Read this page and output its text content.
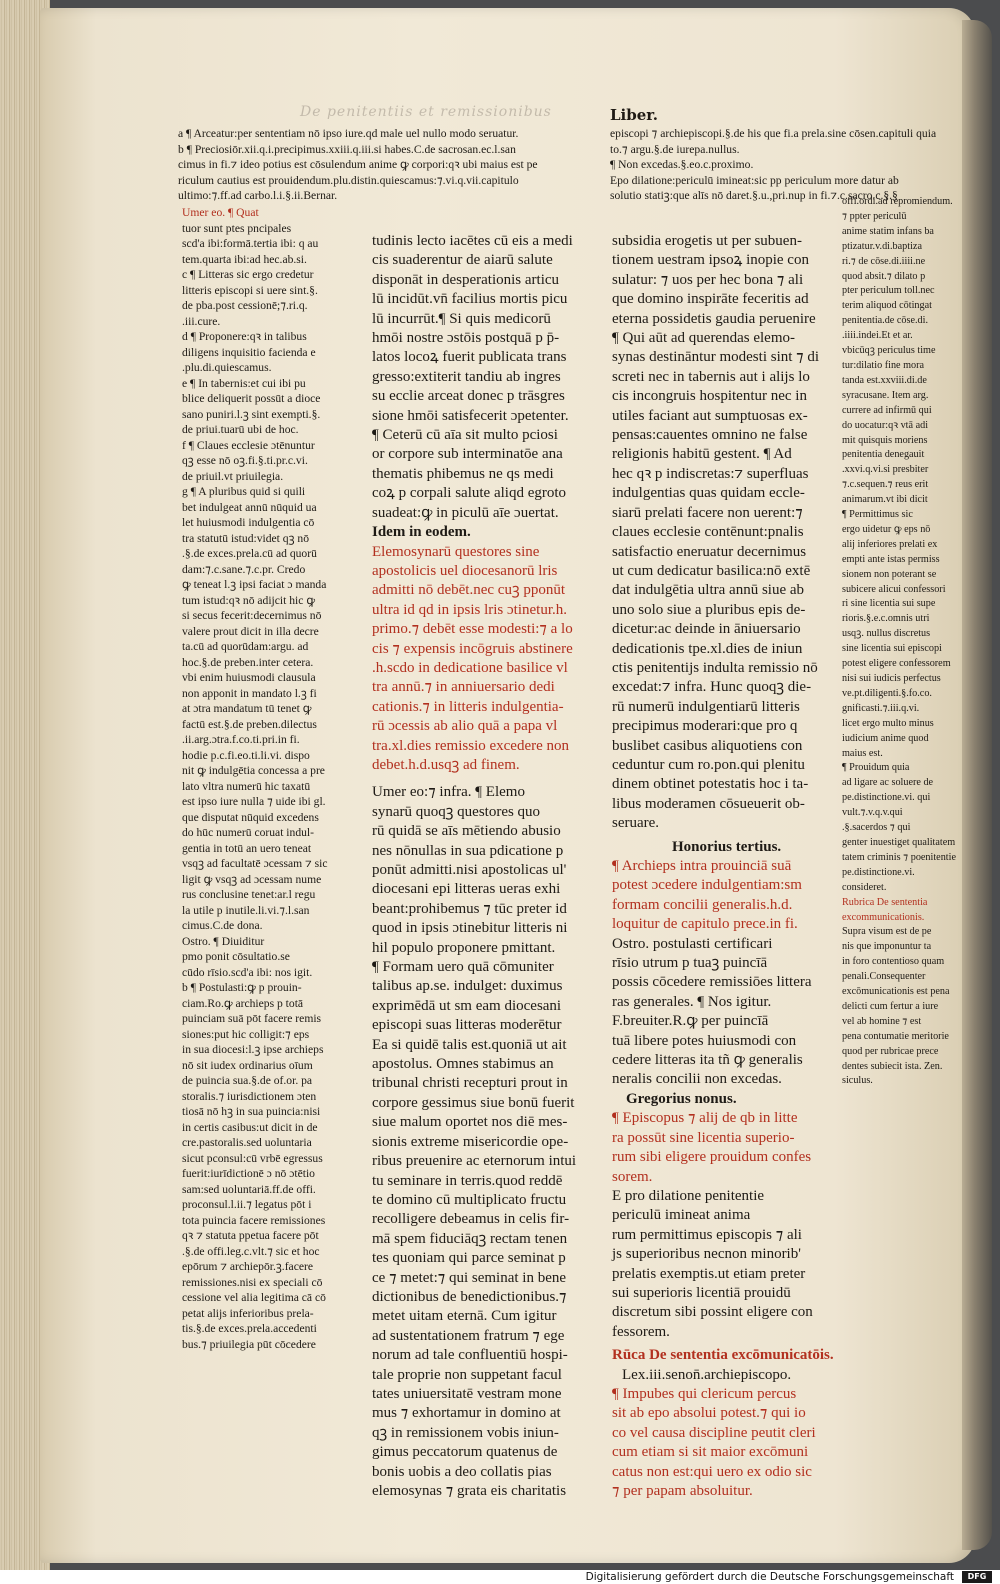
De penitentiis et remissionibus	Liber.

a ¶ Arceatur:per sententiam nō ipso iure.qd male uel nullo modo seruatur.

b ¶ Preciosiōr.xii.q.i.precipimus.xxiii.q.iii.si habes.C.de sacrosan.ec.l.san

cimus in fi.⁊ ideo potius est cōsulendum anime ꝙ corpori:qꝛ ubi maius est pe

riculum cautius est prouidendum.plu.distin.quiescamus:⁊.vi.q.vii.capitulo

ultimo:⁊.ff.ad carbo.l.i.§.ii.Bernar.

episcopi ⁊ archiepiscopi.§.de his que fi.a prela.sine cōsen.capituli quia

to.⁊ argu.§.de iurepa.nullus.

¶ Non excedas.§.eo.c.proximo.

Epo dilatione:periculū imineat:sic pp periculum more datur ab

solutio statiꝫ:que alīs nō daret.§.u.,pri.nup in fi.⁊.c.sacro.c.§.§

Umer eo. ¶ Quat

tuor sunt ptes pncipales

scd'a ibi:formā.tertia ibi: q au

tem.quarta ibi:ad hec.ab.si.

c ¶ Litteras sic ergo credetur

litteris episcopi si uere sint.§.

de pba.post cessionē;⁊.ri.q.

.iii.cure.

d ¶ Proponere:qꝛ in talibus

diligens inquisitio facienda e

.plu.di.quiescamus.

e ¶ In tabernis:et cui ibi pu

blice deliquerit possūt a dioce

sano puniri.l.ꝫ sint exempti.§.

de priui.tuarū ubi de hoc.

f ¶ Claues ecclesie ɔtēnuntur

qꝫ esse nō oꝫ.fi.§.ti.pr.c.vi.

de priuil.vt priuilegia.

g ¶ A pluribus quid si quili

bet indulgeat annū nūquid ua

let huiusmodi indulgentia cō

tra statutū istud:videt qꝫ nō

.§.de exces.prela.cū ad quorū

dam:⁊.c.sane.⁊.c.pr. Credo

ꝙ teneat l.ꝫ ipsi faciat ɔ manda

tum istud:qꝛ nō adijcit hic ꝙ

si secus fecerit:decernimus nō

valere prout dicit in illa decre

ta.cū ad quorūdam:argu. ad

hoc.§.de preben.inter cetera.

vbi enim huiusmodi clausula

non apponit in mandato l.ꝫ fi

at ɔtra mandatum tū tenet ꝙ

factū est.§.de preben.dilectus

.ii.arg.ɔtra.f.co.ti.pri.in fi.

hodie p.c.fi.eo.ti.li.vi. dispo

nit ꝙ indulgētia concessa a pre

lato vltra numerū hic taxatū

est ipso iure nulla ⁊ uide ibi gl.

que disputat nūquid excedens

do hūc numerū coruat indul-

gentia in totū an uero teneat

vsqꝫ ad facultatē ɔcessam ⁊ sic

ligit ꝙ vsqꝫ ad ɔcessam nume

rus conclusine tenet:ar.l regu

la utile p inutile.li.vi.⁊.l.san

cimus.C.de dona.

Ostro. ¶ Diuiditur

pmo ponit cōsultatio.se

cūdo rīsio.scd'a ibi: nos igit.

b ¶ Postulasti:ꝙ p prouin-

ciam.Ro.ꝙ archieps p totā

puinciam suā pōt facere remis

siones:put hic colligit:⁊ eps

in sua diocesi:l.ꝫ ipse archieps

nō sit iudex ordinarius oīum

de puincia sua.§.de of.or. pa

storalis.⁊ iurisdictionem ɔten

tiosā nō hꝫ in sua puincia:nisi

in certis casibus:ut dicit in de

cre.pastoralis.sed uoluntaria

sicut pconsul:cū vrbē egressus

fuerit:iurīdictionē ɔ nō ɔtētio

sam:sed uoluntariā.ff.de offi.

proconsul.l.ii.⁊ legatus pōt i

tota puincia facere remissiones

qꝛ ⁊ statuta ppetua facere pōt

.§.de offi.leg.c.vlt.⁊ sic et hoc

epōrum ⁊ archiepōr.ꝫ.facere

remissiones.nisi ex speciali cō

cessione vel alia legitima cā cō

petat alijs inferioribus prela-

tis.§.de exces.prela.accedenti

bus.⁊ priuilegia pūt cōcedere

tudinis lecto iacētes cū eis a medi

cis suaderentur de aiarū salute

disponāt in desperationis articu

lū incidūt.vn̄ facilius mortis picu

lū incurrūt.¶ Si quis medicorū

hmōi nostre ɔstōis postquā p p̄-

latos locoꝝ fuerit publicata trans

gresso:extiterit tandiu ab ingres

su ecclie arceat donec p trāsgres

sione hmōi satisfecerit ɔpetenter.

¶ Ceterū cū aīa sit multo pciosi

or corpore sub interminatōe ana

thematis phibemus ne qs medi

coꝝ p corpali salute aliqd egroto

suadeat:ꝙ in piculū aīe ɔuertat.

Idem in eodem.

Elemosynarū questores sine

apostolicis uel diocesanorū lris

admitti nō debēt.nec cuꝫ pponūt

ultra id qd in ipsis lris ɔtinetur.h.

primo.⁊ debēt esse modesti:⁊ a lo

cis ⁊ expensis incōgruis abstinere

.h.scdo in dedicatione basilice vl

tra annū.⁊ in anniuersario dedi

cationis.⁊ in litteris indulgentia-

rū ɔcessis ab alio quā a papa vl

tra.xl.dies remissio excedere non

debet.h.d.usqꝫ ad finem.

Umer eo:⁊ infra. ¶ Elemo

synarū quoqꝫ questores quo

rū quidā se aīs mētiendo abusio

nes nōnullas in sua pdicatione p

ponūt admitti.nisi apostolicas ul'

diocesani epi litteras ueras exhi

beant:prohibemus ⁊ tūc preter id

quod in ipsis ɔtinebitur litteris ni

hil populo proponere pmittant.

¶ Formam uero quā cōmuniter

talibus ap.se. indulget: duximus

exprimēdā ut sm eam diocesani

episcopi suas litteras moderētur

Ea si quidē talis est.quoniā ut ait

apostolus. Omnes stabimus an

tribunal christi recepturi prout in

corpore gessimus siue bonū fuerit

siue malum oportet nos diē mes-

sionis extreme misericordie ope-

ribus preuenire ac eternorum intui

tu seminare in terris.quod reddē

te domino cū multiplicato fructu

recolligere debeamus in celis fir-

mā spem fiduciāqꝫ rectam tenen

tes quoniam qui parce seminat p

ce ⁊ metet:⁊ qui seminat in bene

dictionibus de benedictionibus.⁊

metet uitam eternā. Cum igitur

ad sustentationem fratrum ⁊ ege

norum ad tale confluentiū hospi-

tale proprie non suppetant facul

tates uniuersitatē vestram mone

mus ⁊ exhortamur in domino at

qꝫ in remissionem vobis iniun-

gimus peccatorum quatenus de

bonis uobis a deo collatis pias

elemosynas ⁊ grata eis charitatis

subsidia erogetis ut per subuen-

tionem uestram ipsoꝝ inopie con

sulatur: ⁊ uos per hec bona ⁊ ali

que domino inspirāte feceritis ad

eterna possidetis gaudia peruenire

¶ Qui aūt ad querendas elemo-

synas destināntur modesti sint ⁊ di

screti nec in tabernis aut i alijs lo

cis incongruis hospitentur nec in

utiles faciant aut sumptuosas ex-

pensas:cauentes omnino ne false

religionis habitū gestent. ¶ Ad

hec qꝛ p indiscretas:⁊ superfluas

indulgentias quas quidam eccle-

siarū prelati facere non uerent:⁊

claues ecclesie contēnunt:pnalis

satisfactio eneruatur decernimus

ut cum dedicatur basilica:nō extē

dat indulgētia ultra annū siue ab

uno solo siue a pluribus epis de-

dicetur:ac deinde in āniuersario

dedicationis tpe.xl.dies de iniun

ctis penitentijs indulta remissio nō

excedat:⁊ infra. Hunc quoqꝫ die-

rū numerū indulgentiarū litteris

precipimus moderari:que pro q

buslibet casibus aliquotiens con

ceduntur cum ro.pon.qui plenitu

dinem obtinet potestatis hoc i ta-

libus moderamen cōsueuerit ob-

seruare.

Honorius tertius.

¶ Archieps intra prouinciā suā

potest ɔcedere indulgentiam:sm

formam concilii generalis.h.d.

loquitur de capitulo prece.in fi.

Ostro. postulasti certificari

rīsio utrum p tuaꝫ puincīā

possis cōcedere remissiōes littera

ras generales. ¶ Nos igitur.

F.breuiter.R.ꝙ per puincīā

tuā libere potes huiusmodi con

cedere litteras ita tñ ꝙ generalis

neralis concilii non excedas.

Gregorius nonus.

¶ Episcopus ⁊ alij de qb in litte

ra possūt sine licentia superio-

rum sibi eligere prouidum confes

sorem.

E pro dilatione penitentie

periculū imineat anima

rum permittimus episcopis ⁊ ali

js superioribus necnon minorib'

prelatis exemptis.ut etiam preter

sui superioris licentiā prouidū

discretum sibi possint eligere con

fessorem.

Rūca De sententia excōmunicatōis.

Lex.iii.senon̄.archiepiscopo.

¶ Impubes qui clericum percus

sit ab epo absolui potest.⁊ qui io

co vel causa discipline peutit cleri

cum etiam si sit maior excōmuni

catus non est:qui uero ex odio sic

⁊ per papam absoluitur.

offi.ordi.ad repromiendum.

⁊ ppter periculū

anime statim infans ba

ptizatur.v.di.baptiza

ri.⁊ de cōse.di.iiii.ne

quod absit.⁊ dilato p

pter periculum toll.nec

terim aliquod cōtingat

penitentia.de cōse.di.

.iiii.indei.Et et ar.

vbicūqꝫ periculus time

tur:dilatio fine mora

tanda est.xxviii.di.de

syracusane. Item arg.

currere ad infirmū qui

do uocatur:qꝛ vtā adi

mit quisquis moriens

penitentia denegauit

.xxvi.q.vi.si presbiter

⁊.c.sequen.⁊ reus erit

animarum.vt ibi dicit

¶ Permittimus sic

ergo uidetur ꝙ eps nō

alij inferiores prelati ex

empti ante istas permiss

sionem non poterant se

subicere alicui confessori

ri sine licentia sui supe

rioris.§.e.c.omnis utri

usqꝫ. nullus discretus

sine licentia sui episcopi

potest eligere confessorem

nisi sui iudicis perfectus

ve.pt.diligenti.§.fo.co.

gnificasti.⁊.iii.q.vi.

licet ergo multo minus

iudicium anime quod

maius est.

¶ Prouidum quia

ad ligare ac soluere de

pe.distinctione.vi. qui

vult.⁊.v.q.v.qui

.§.sacerdos ⁊ qui

genter inuestiget qualitatem

tatem criminis ⁊ poenitentie

pe.distinctione.vi.

consideret.

Rubrica De sententia excommunicationis.

Supra visum est de pe

nis que imponuntur ta

in foro contentioso quam

penali.Consequenter

excōmunicationis est pena

delicti cum fertur a iure

vel ab homine ⁊ est

pena contumatie meritorie

quod per rubricae prece

dentes subiecit ista. Zen.

siculus.

Digitalisierung gefördert durch die Deutsche Forschungsgemeinschaft	DFG
